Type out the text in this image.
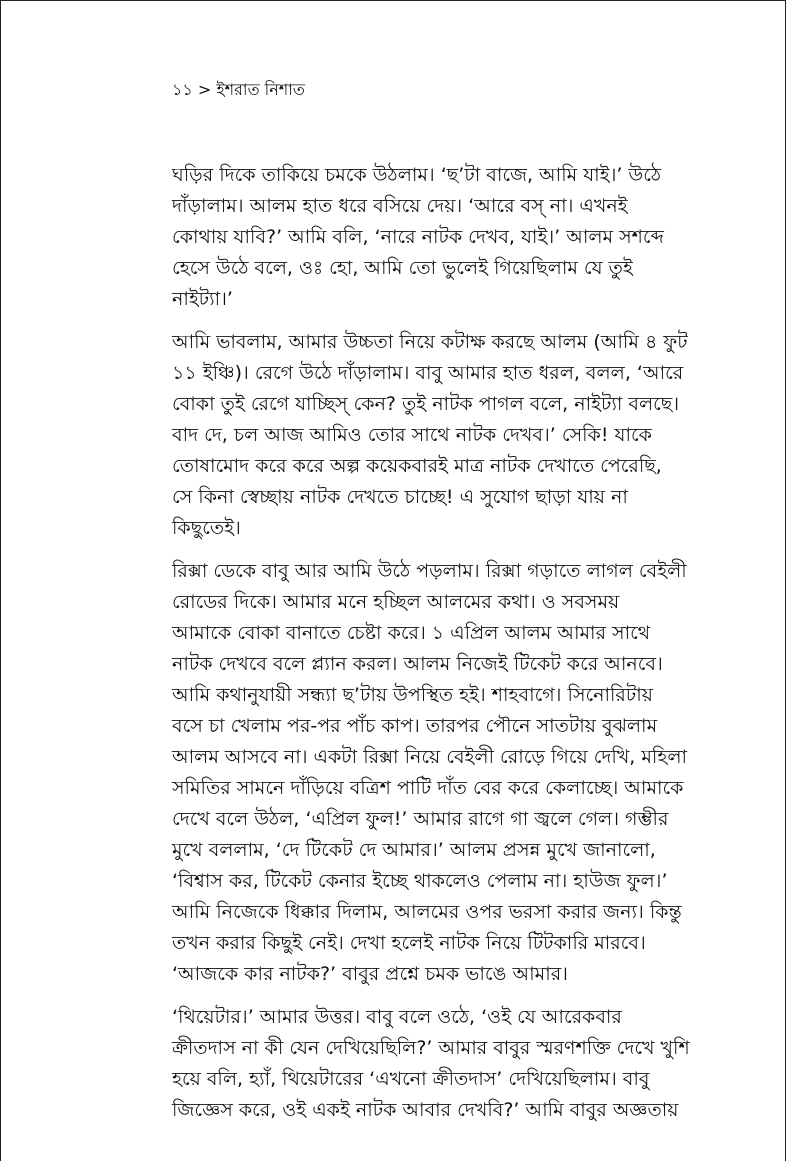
১১ > ইশরাত নিশাত
ঘড়ির দিকে তাকিয়ে চমকে উঠলাম। ‘ছ’টা বাজে, আমি যাই।’ উঠে
দাঁড়ালাম। আলম হাত ধরে বসিয়ে দেয়। ‘আরে বস্ না। এখনই
কোথায় যাবি?’ আমি বলি, ‘নারে নাটক দেখব, যাই।’ আলম সশব্দে
হেসে উঠে বলে, ওঃ হো, আমি তো ভুলেই গিয়েছিলাম যে তুই
নাইট্যা।’
আমি ভাবলাম, আমার উচ্চতা নিয়ে কটাক্ষ করছে আলম (আমি ৪ ফুট
১১ ইঞ্চি)। রেগে উঠে দাঁড়ালাম। বাবু আমার হাত ধরল, বলল, ‘আরে
বোকা তুই রেগে যাচ্ছিস্ কেন? তুই নাটক পাগল বলে, নাইট্যা বলছে।
বাদ দে, চল আজ আমিও তোর সাথে নাটক দেখব।’ সেকি! যাকে
তোষামোদ করে করে অল্প কয়েকবারই মাত্র নাটক দেখাতে পেরেছি,
সে কিনা স্বেচ্ছায় নাটক দেখতে চাচ্ছে! এ সুযোগ ছাড়া যায় না
কিছুতেই।
রিক্সা ডেকে বাবু আর আমি উঠে পড়লাম। রিক্সা গড়াতে লাগল বেইলী
রোডের দিকে। আমার মনে হচ্ছিল আলমের কথা। ও সবসময়
আমাকে বোকা বানাতে চেষ্টা করে। ১ এপ্রিল আলম আমার সাথে
নাটক দেখবে বলে প্ল্যান করল। আলম নিজেই টিকেট করে আনবে।
আমি কথানুযায়ী সন্ধ্যা ছ’টায় উপস্থিত হই। শাহবাগে। সিনোরিটায়
বসে চা খেলাম পর-পর পাঁচ কাপ। তারপর পৌনে সাতটায় বুঝলাম
আলম আসবে না। একটা রিক্সা নিয়ে বেইলী রোড়ে গিয়ে দেখি, মহিলা
সমিতির সামনে দাঁড়িয়ে বত্রিশ পাটি দাঁত বের করে কেলাচ্ছে। আমাকে
দেখে বলে উঠল, ‘এপ্রিল ফুল!’ আমার রাগে গা জ্বলে গেল। গম্ভীর
মুখে বললাম, ‘দে টিকেট দে আমার।’ আলম প্রসন্ন মুখে জানালো,
‘বিশ্বাস কর, টিকেট কেনার ইচ্ছে থাকলেও পেলাম না। হাউজ ফুল।’
আমি নিজেকে ধিক্কার দিলাম, আলমের ওপর ভরসা করার জন্য। কিন্তু
তখন করার কিছুই নেই। দেখা হলেই নাটক নিয়ে টিটকারি মারবে।
‘আজকে কার নাটক?’ বাবুর প্রশ্নে চমক ভাঙে আমার।
‘থিয়েটার।’ আমার উত্তর। বাবু বলে ওঠে, ‘ওই যে আরেকবার
ক্রীতদাস না কী যেন দেখিয়েছিলি?’ আমার বাবুর স্মরণশক্তি দেখে খুশি
হয়ে বলি, হ্যাঁ, থিয়েটারের ‘এখনো ক্রীতদাস’ দেখিয়েছিলাম। বাবু
জিজ্ঞেস করে, ওই একই নাটক আবার দেখবি?’ আমি বাবুর অজ্ঞতায়
